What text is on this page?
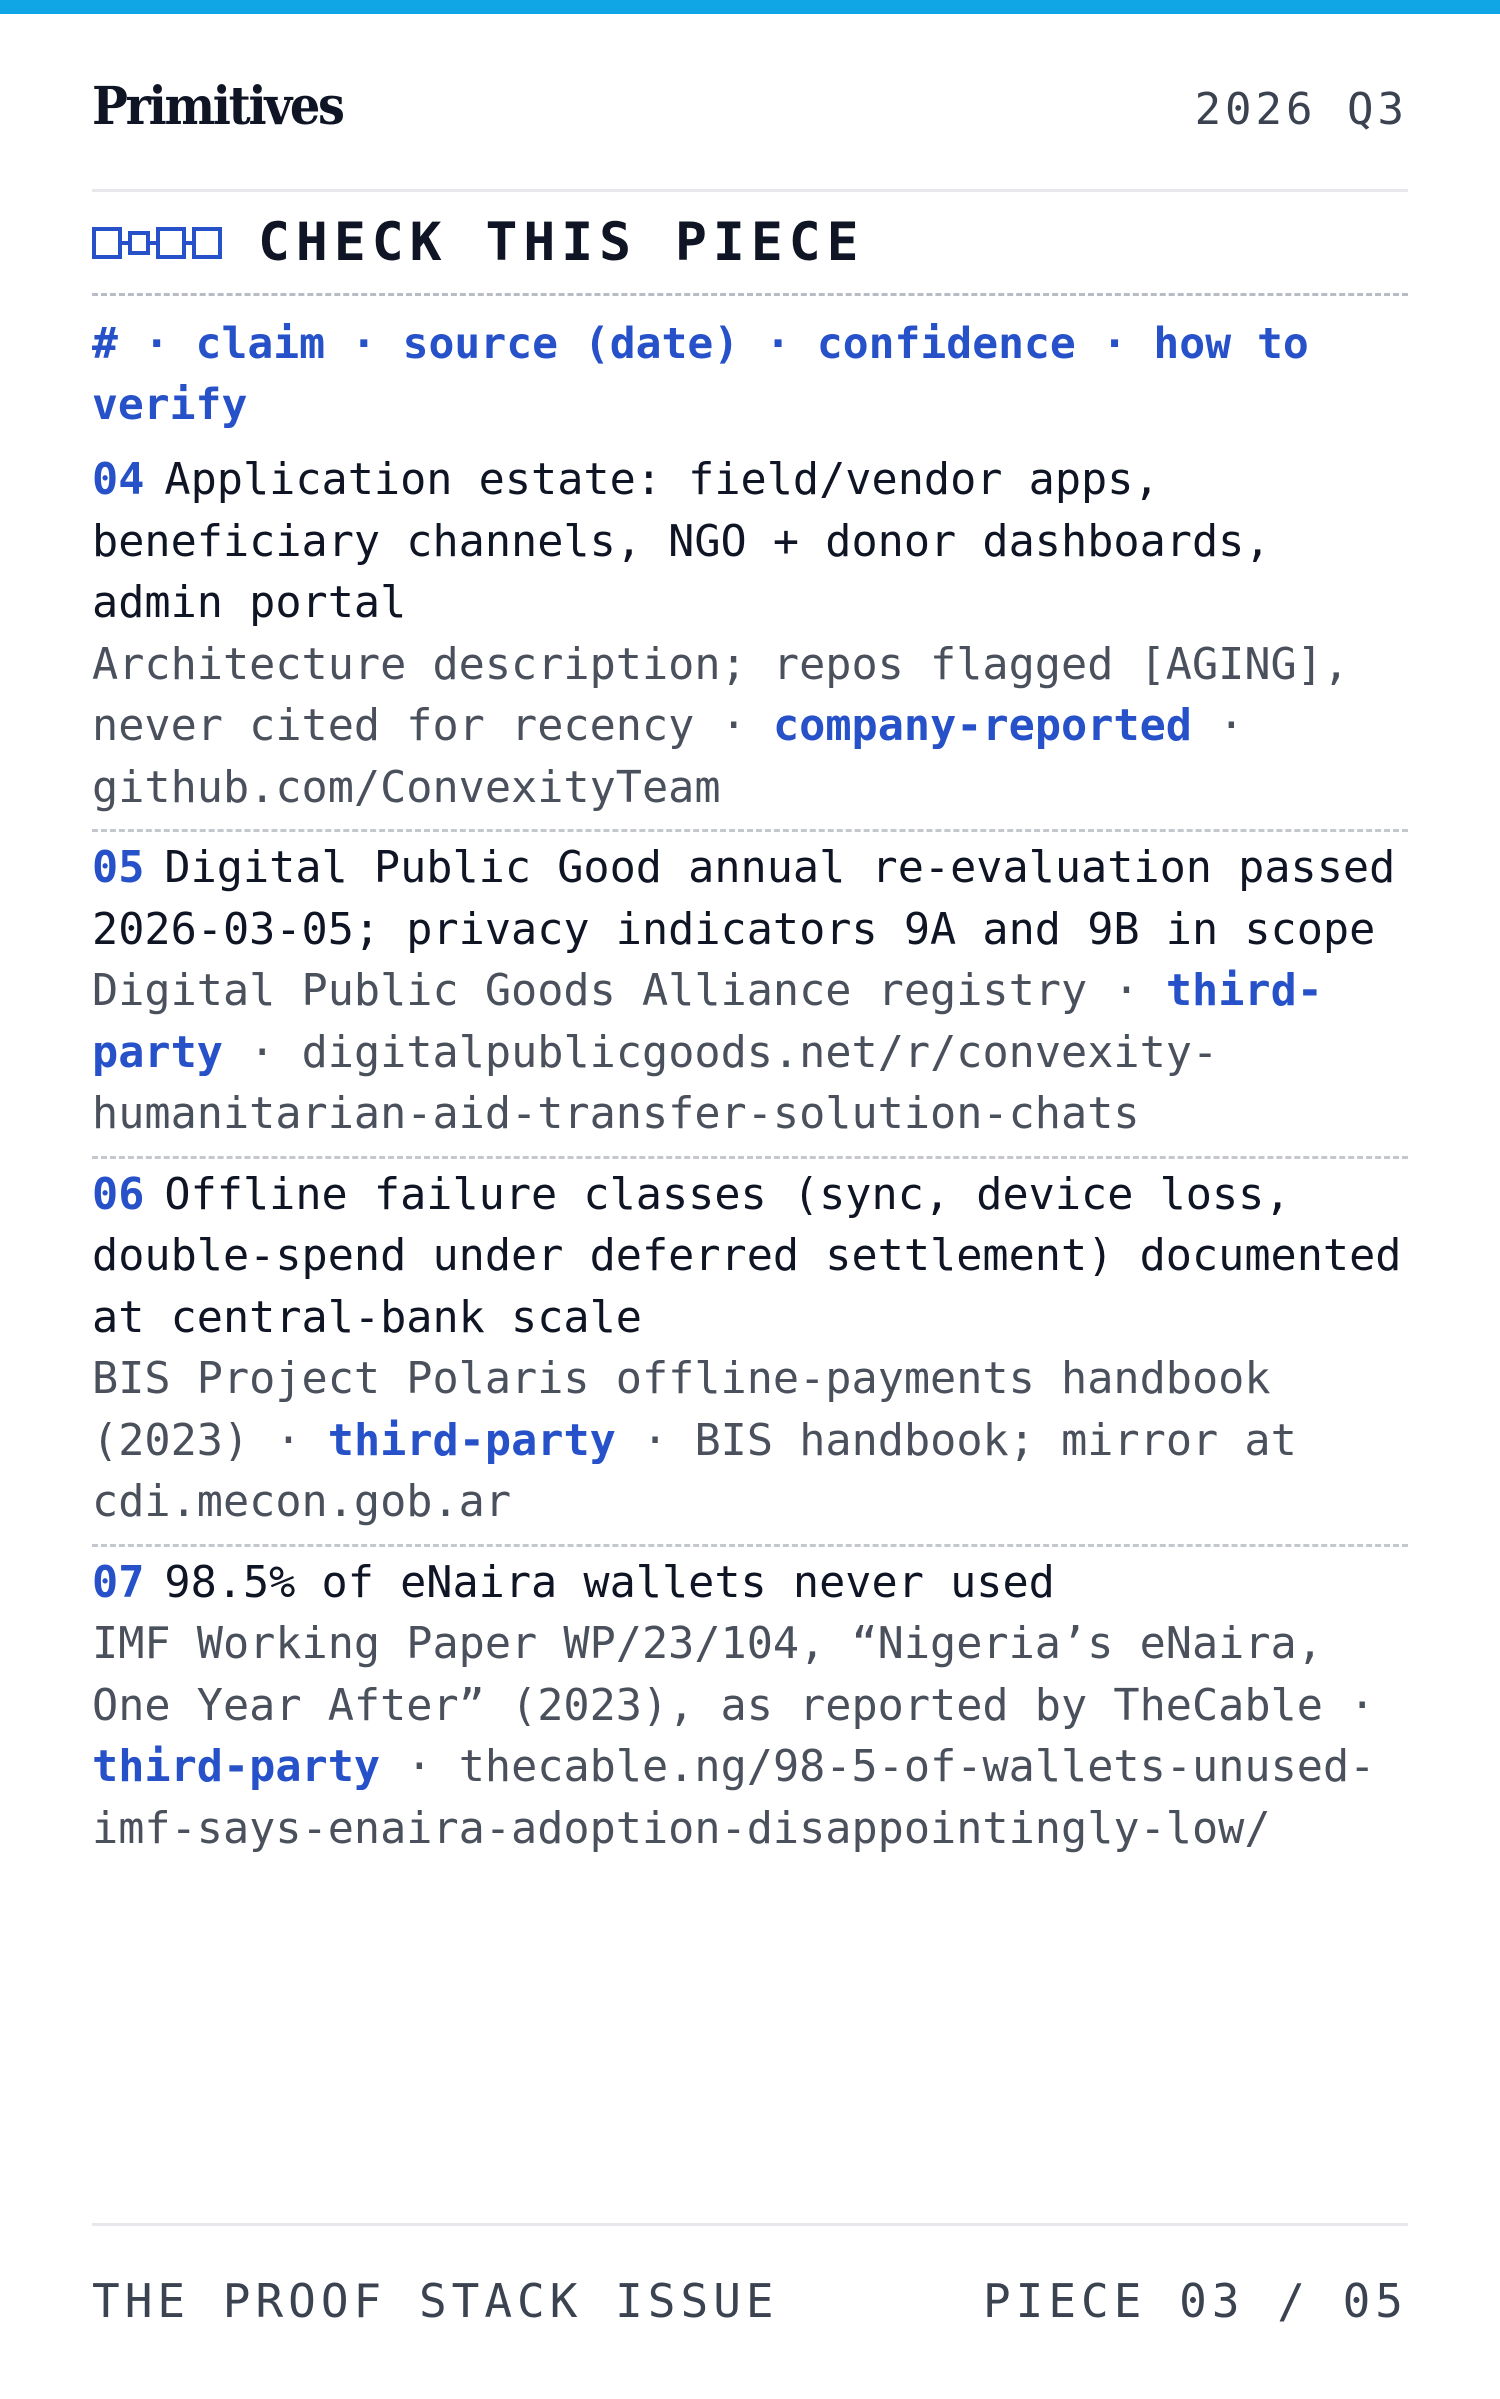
Primitives	2026 Q3
CHECK THIS PIECE
# · claim · source (date) · confidence · how to verify
04 Application estate: field/vendor apps, beneficiary channels, NGO + donor dashboards, admin portal
Architecture description; repos flagged [AGING], never cited for recency · company-reported · github.com/ConvexityTeam
05 Digital Public Good annual re-evaluation passed 2026-03-05; privacy indicators 9A and 9B in scope
Digital Public Goods Alliance registry · third-party · digitalpublicgoods.net/r/convexity-humanitarian-aid-transfer-solution-chats
06 Offline failure classes (sync, device loss, double-spend under deferred settlement) documented at central-bank scale
BIS Project Polaris offline-payments handbook (2023) · third-party · BIS handbook; mirror at cdi.mecon.gob.ar
07 98.5% of eNaira wallets never used
IMF Working Paper WP/23/104, “Nigeria’s eNaira, One Year After” (2023), as reported by TheCable · third-party · thecable.ng/98-5-of-wallets-unused-imf-says-enaira-adoption-disappointingly-low/
THE PROOF STACK ISSUE	PIECE 03 / 05
